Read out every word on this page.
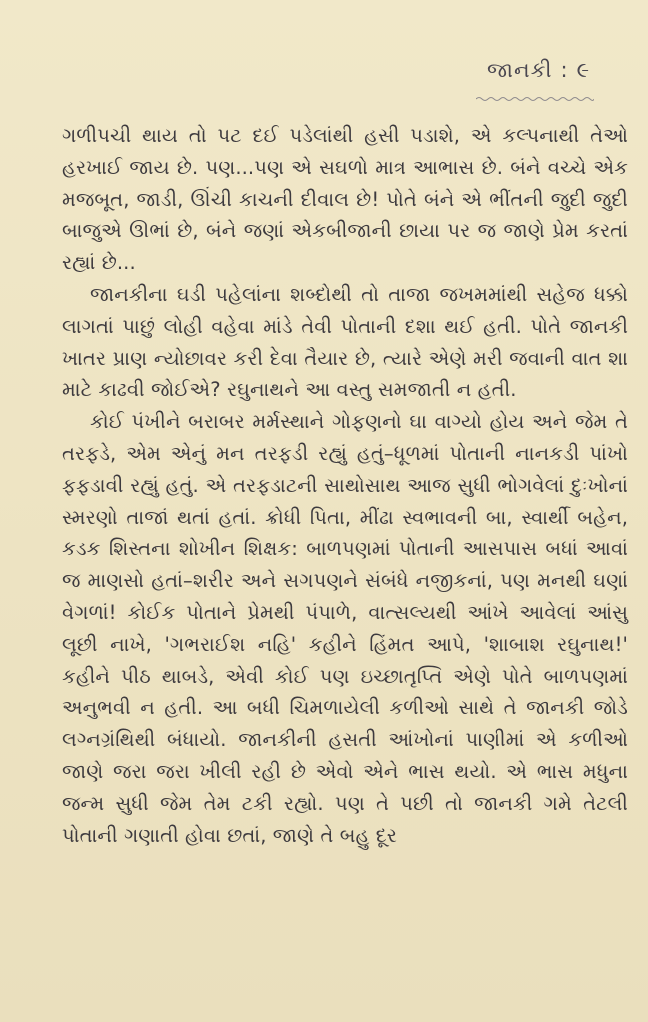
જાનકી : ૯

ગળીપચી થાય તો પટ દઈ પડેલાંથી હસી પડાશે, એ કલ્પનાથી તેઓ હરખાઈ જાય છે. પણ...પણ એ સઘળો માત્ર આભાસ છે. બંને વચ્ચે એક મજબૂત, જાડી, ઊંચી કાચની દીવાલ છે! પોતે બંને એ ભીંતની જુદી જુદી બાજુએ ઊભાં છે, બંને જણાં એકબીજાની છાયા પર જ જાણે પ્રેમ કરતાં રહ્યાં છે...

જાનકીના ઘડી પહેલાંના શબ્દોથી તો તાજા જખમમાંથી સહેજ ધક્કો લાગતાં પાછું લોહી વહેવા માંડે તેવી પોતાની દશા થઈ હતી. પોતે જાનકી ખાતર પ્રાણ ન્યોછાવર કરી દેવા તૈયાર છે, ત્યારે એણે મરી જવાની વાત શા માટે કાઢવી જોઈએ? રઘુનાથને આ વસ્તુ સમજાતી ન હતી.

કોઈ પંખીને બરાબર મર્મસ્થાને ગોફણનો ઘા વાગ્યો હોય અને જેમ તે તરફડે, એમ એનું મન તરફડી રહ્યું હતું–ધૂળમાં પોતાની નાનકડી પાંખો ફફડાવી રહ્યું હતું. એ તરફડાટની સાથોસાથ આજ સુધી ભોગવેલાં દુઃખોનાં સ્મરણો તાજાં થતાં હતાં. ક્રોધી પિતા, મીંઢા સ્વભાવની બા, સ્વાર્થી બહેન, કડક શિસ્તના શોખીન શિક્ષક: બાળપણમાં પોતાની આસપાસ બધાં આવાં જ માણસો હતાં–શરીર અને સગપણને સંબંધે નજીકનાં, પણ મનથી ઘણાં વેગળાં! કોઈક પોતાને પ્રેમથી પંપાળે, વાત્સલ્યથી આંખે આવેલાં આંસુ લૂછી નાખે, 'ગભરાઈશ નહિ' કહીને હિંમત આપે, 'શાબાશ રઘુનાથ!' કહીને પીઠ થાબડે, એવી કોઈ પણ ઇચ્છાતૃપ્તિ એણે પોતે બાળપણમાં અનુભવી ન હતી. આ બધી ચિમળાયેલી કળીઓ સાથે તે જાનકી જોડે લગ્નગ્રંથિથી બંધાયો. જાનકીની હસતી આંખોનાં પાણીમાં એ કળીઓ જાણે જરા જરા ખીલી રહી છે એવો એને ભાસ થયો. એ ભાસ મધુના જન્મ સુધી જેમ તેમ ટકી રહ્યો. પણ તે પછી તો જાનકી ગમે તેટલી પોતાની ગણાતી હોવા છતાં, જાણે તે બહુ દૂર
